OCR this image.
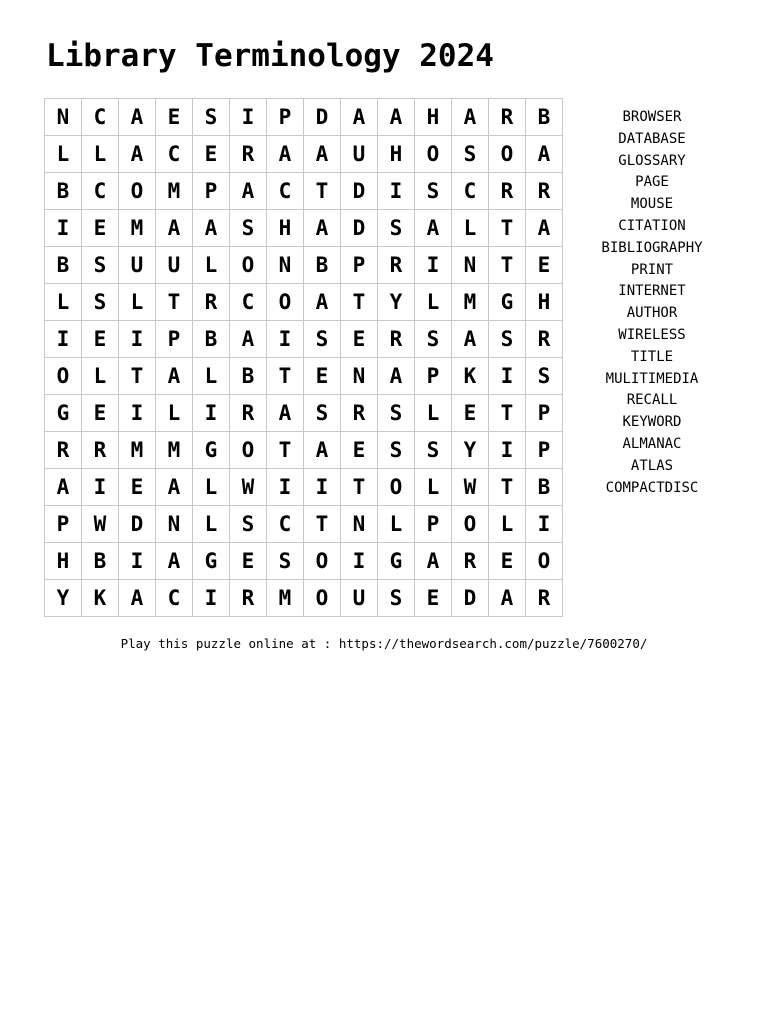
Library Terminology 2024
N	C	A	E	S	I	P	D	A	A	H	A	R	B
L	L	A	C	E	R	A	A	U	H	O	S	O	A
B	C	O	M	P	A	C	T	D	I	S	C	R	R
I	E	M	A	A	S	H	A	D	S	A	L	T	A
B	S	U	U	L	O	N	B	P	R	I	N	T	E
L	S	L	T	R	C	O	A	T	Y	L	M	G	H
I	E	I	P	B	A	I	S	E	R	S	A	S	R
O	L	T	A	L	B	T	E	N	A	P	K	I	S
G	E	I	L	I	R	A	S	R	S	L	E	T	P
R	R	M	M	G	O	T	A	E	S	S	Y	I	P
A	I	E	A	L	W	I	I	T	O	L	W	T	B
P	W	D	N	L	S	C	T	N	L	P	O	L	I
H	B	I	A	G	E	S	O	I	G	A	R	E	O
Y	K	A	C	I	R	M	O	U	S	E	D	A	R
BROWSER
DATABASE
GLOSSARY
PAGE
MOUSE
CITATION
BIBLIOGRAPHY
PRINT
INTERNET
AUTHOR
WIRELESS
TITLE
MULITIMEDIA
RECALL
KEYWORD
ALMANAC
ATLAS
COMPACTDISC
Play this puzzle online at : https://thewordsearch.com/puzzle/7600270/
